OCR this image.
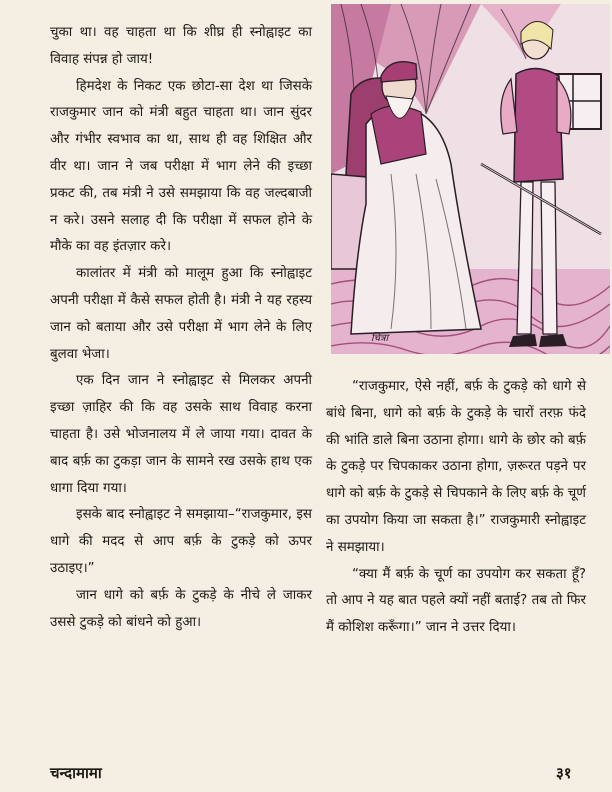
चुका था। वह चाहता था कि शीघ्र ही स्नोह्वाइट का विवाह संपन्न हो जाय!

हिमदेश के निकट एक छोटा-सा देश था जिसके राजकुमार जान को मंत्री बहुत चाहता था। जान सुंदर और गंभीर स्वभाव का था, साथ ही वह शिक्षित और वीर था। जान ने जब परीक्षा में भाग लेने की इच्छा प्रकट की, तब मंत्री ने उसे समझाया कि वह जल्दबाजी न करे। उसने सलाह दी कि परीक्षा में सफल होने के मौके का वह इंतज़ार करे।

कालांतर में मंत्री को मालूम हुआ कि स्नोह्वाइट अपनी परीक्षा में कैसे सफल होती है। मंत्री ने यह रहस्य जान को बताया और उसे परीक्षा में भाग लेने के लिए बुलवा भेजा।

एक दिन जान ने स्नोह्वाइट से मिलकर अपनी इच्छा ज़ाहिर की कि वह उसके साथ विवाह करना चाहता है। उसे भोजनालय में ले जाया गया। दावत के बाद बर्फ़ का टुकड़ा जान के सामने रख उसके हाथ एक धागा दिया गया।

इसके बाद स्नोह्वाइट ने समझाया–“राजकुमार, इस धागे की मदद से आप बर्फ़ के टुकड़े को ऊपर उठाइए।”

जान धागे को बर्फ़ के टुकड़े के नीचे ले जाकर उससे टुकड़े को बांधने को हुआ।

चित्रा

“राजकुमार, ऐसे नहीं, बर्फ़ के टुकड़े को धागे से बांधे बिना, धागे को बर्फ़ के टुकड़े के चारों तरफ़ फंदे की भांति डाले बिना उठाना होगा। धागे के छोर को बर्फ़ के टुकड़े पर चिपकाकर उठाना होगा, ज़रूरत पड़ने पर धागे को बर्फ़ के टुकड़े से चिपकाने के लिए बर्फ़ के चूर्ण का उपयोग किया जा सकता है।” राजकुमारी स्नोह्वाइट ने समझाया।

“क्या मैं बर्फ़ के चूर्ण का उपयोग कर सकता हूँ? तो आप ने यह बात पहले क्यों नहीं बताई? तब तो फिर मैं कोशिश करूँगा।” जान ने उत्तर दिया।

चन्दामामा	३१
